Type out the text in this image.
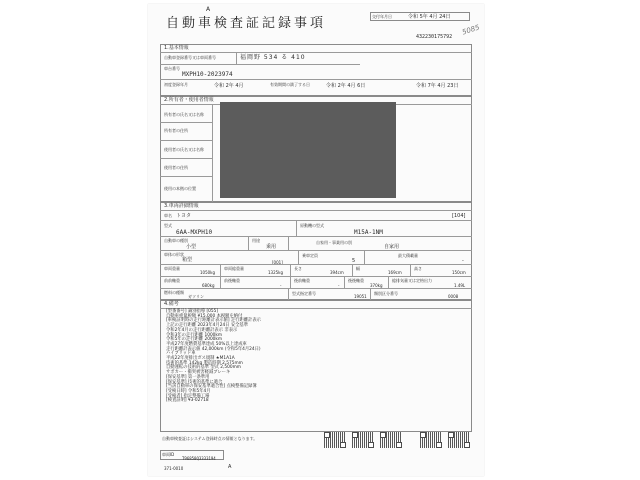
A
自動車検査証記録事項	交付年月日	令和 5年 4月 24日
432230175792
5085
1.基本情報
自動車登録番号又は車両番号	福岡野 534 る 410
車台番号
MXPH10-2023974
初度登録年月	令和 2年 4月	有効期間の満了する日	令和 2年 4月 6日	令和 7年 4月 23日
2.所有者・使用者情報
所有者の氏名又は名称
所有者の住所
使用者の氏名又は名称
使用者の住所
使用の本拠の位置
3.車両詳細情報
車名 トヨタ	[104]
型式
6AA-MXPH10
原動機の型式
M15A-1NM
自動車の種別
小型
用途
乗用
自家用・事業用の別
自家用
車体の形状
箱型	[001]
乗車定員
5
最大積載量
-
車両重量
1050kg
車両総重量
1325kg
長さ
394cm
幅
169cm
高さ
150cm
前前軸重
680kg
前後軸重
-
後前軸重
-
後後軸重
370kg
総排気量又は定格出力
1.49L
燃料の種類
ガソリン
型式指定番号
19051
類別区分番号
0008
4.備考
[型番番号] 識別指導 [055]
自動車重量税額 ¥15,000 本税額を納付
[車検証明時の走行距離計表示値] 走行距離計表示
上記の走行距離 2023年4月24日 安全基準
令和2年4月の走行距離計表示 非表示
令和3年の走行距離 1000km
令和5年の走行距離 2000km
平成27年度燃費基準達成 50%以上達成車
走行距離計表示値 42,000km (令和5年4月24日)
ハイブリッド車
平成22年度排出ガス規制 ★M1A1A
技術的基準 142kg 製造時期 2,575mm
自動運転の技術的基準 型式 2,500mm
サポカー・衝突被害軽減ブレーキ
[保安基準] 第一条準用
[保安基準] 技術的基準に適合
[当該自動車の保安基準適合性] 点検整備記録簿
[受検日時] 令和5年4月
[受検者] 指定整備工場
[検査証明] ¥3-02718
自動車検査証はシステム登録時点の情報となります。
車両ID
T96850Q3333194
371-0010	A
